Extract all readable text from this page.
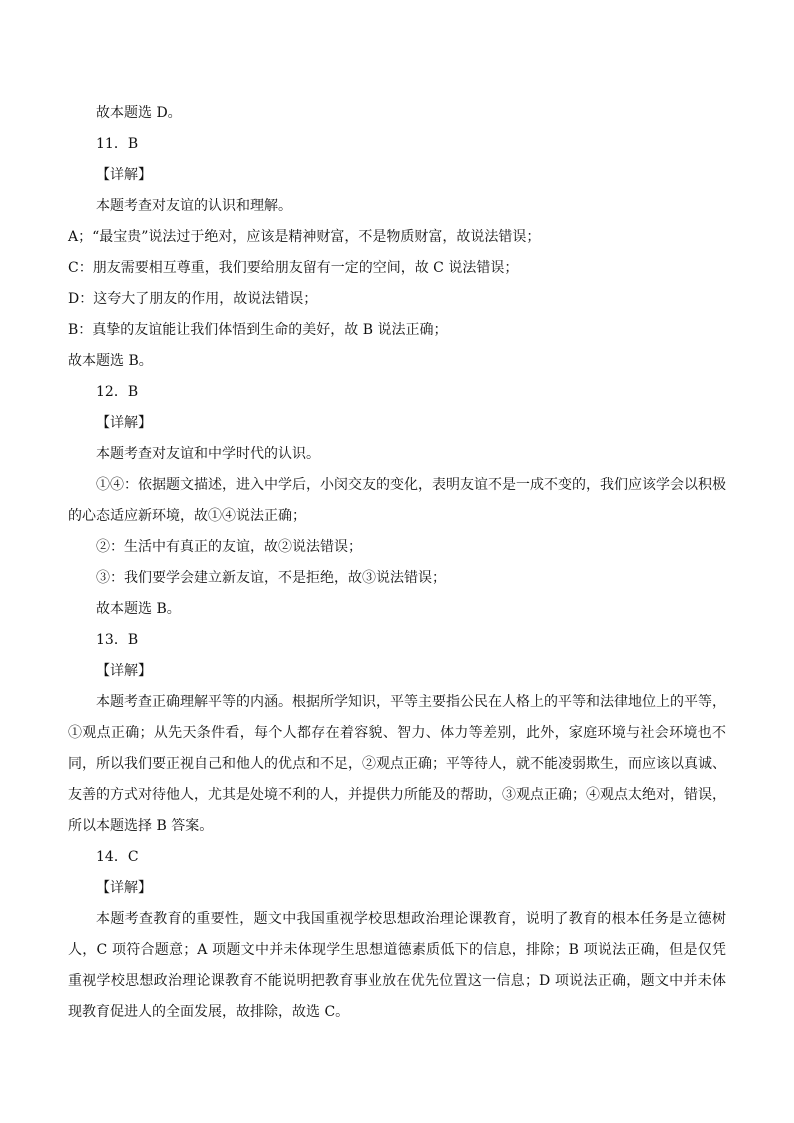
故本题选 D。
11．B
【详解】
本题考查对友谊的认识和理解。
A；“最宝贵”说法过于绝对，应该是精神财富，不是物质财富，故说法错误；
C：朋友需要相互尊重，我们要给朋友留有一定的空间，故 C 说法错误；
D：这夸大了朋友的作用，故说法错误；
B：真挚的友谊能让我们体悟到生命的美好，故 B 说法正确；
故本题选 B。
12．B
【详解】
本题考查对友谊和中学时代的认识。
①④：依据题文描述，进入中学后，小闵交友的变化，表明友谊不是一成不变的，我们应该学会以积极的心态适应新环境，故①④说法正确；
②：生活中有真正的友谊，故②说法错误；
③：我们要学会建立新友谊，不是拒绝，故③说法错误；
故本题选 B。
13．B
【详解】
本题考查正确理解平等的内涵。根据所学知识，平等主要指公民在人格上的平等和法律地位上的平等，①观点正确；从先天条件看，每个人都存在着容貌、智力、体力等差别，此外，家庭环境与社会环境也不同，所以我们要正视自己和他人的优点和不足，②观点正确；平等待人，就不能凌弱欺生，而应该以真诚、友善的方式对待他人，尤其是处境不利的人，并提供力所能及的帮助，③观点正确；④观点太绝对，错误，所以本题选择 B 答案。
14．C
【详解】
本题考查教育的重要性，题文中我国重视学校思想政治理论课教育，说明了教育的根本任务是立德树人，C 项符合题意；A 项题文中并未体现学生思想道德素质低下的信息，排除；B 项说法正确，但是仅凭重视学校思想政治理论课教育不能说明把教育事业放在优先位置这一信息；D 项说法正确，题文中并未体现教育促进人的全面发展，故排除，故选 C。
